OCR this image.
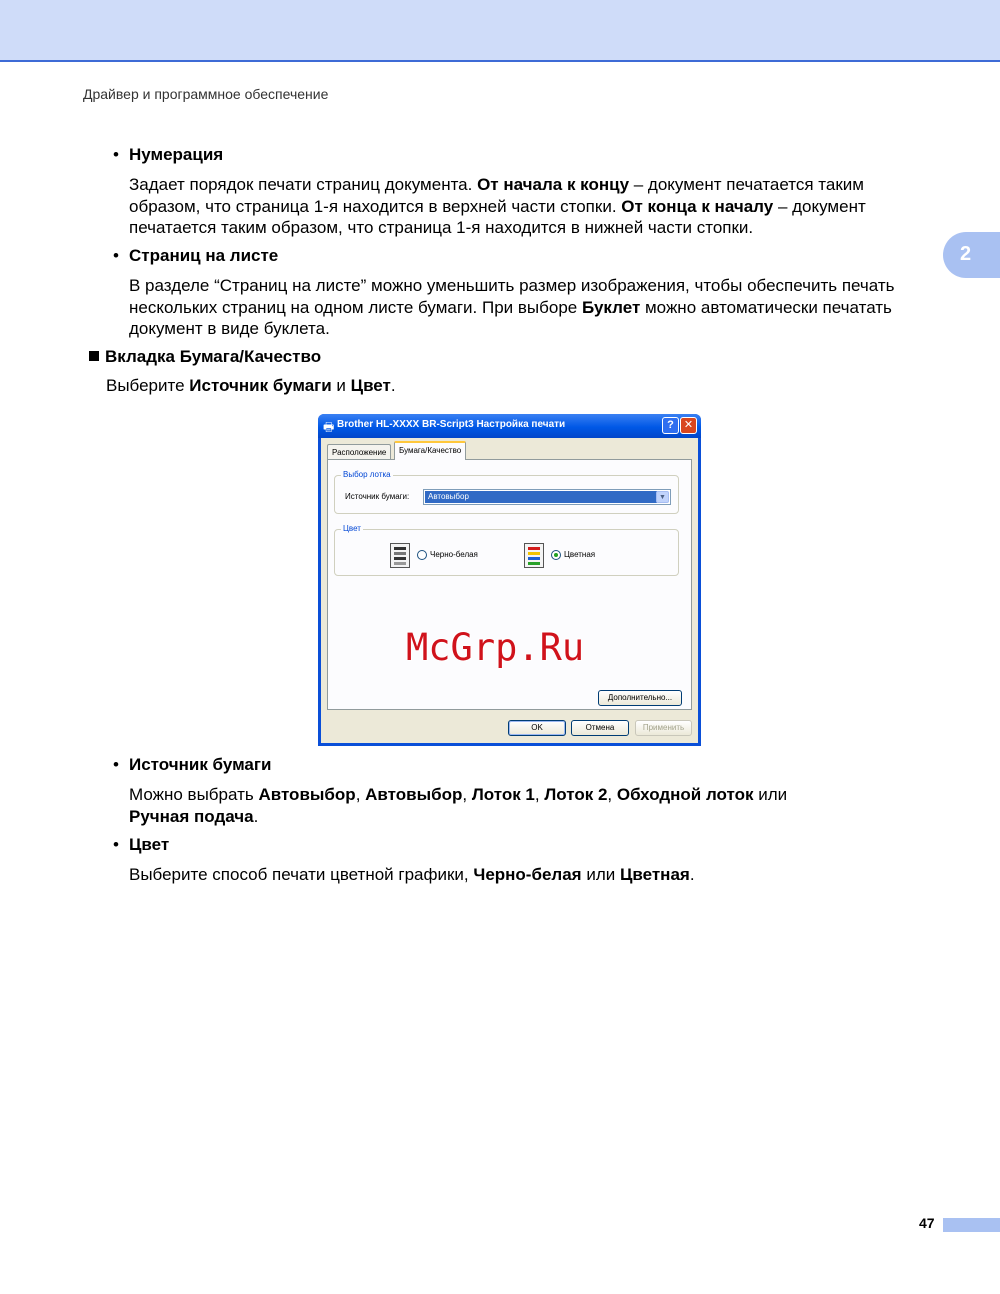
Драйвер и программное обеспечение
2
• Нумерация
Задает порядок печати страниц документа. От начала к концу – документ печатается таким
образом, что страница 1-я находится в верхней части стопки. От конца к началу – документ
печатается таким образом, что страница 1-я находится в нижней части стопки.
• Страниц на листе
В разделе “Страниц на листе” можно уменьшить размер изображения, чтобы обеспечить печать
нескольких страниц на одном листе бумаги. При выборе Буклет можно автоматически печатать
документ в виде буклета.
Вкладка Бумага/Качество
Выберите Источник бумаги и Цвет.
🖶 Brother HL-XXXX BR-Script3 Настройка печати	? ✕
Расположение	Бумага/Качество
Выбор лотка
Источник бумаги:	Автовыбор	▼
Цвет
Черно-белая	Цветная
Дополнительно...
OK	Отмена	Применить
McGrp.Ru
• Источник бумаги
Можно выбрать Автовыбор, Автовыбор, Лоток 1, Лоток 2, Обходной лоток или
Ручная подача.
• Цвет
Выберите способ печати цветной графики, Черно-белая или Цветная.
47
